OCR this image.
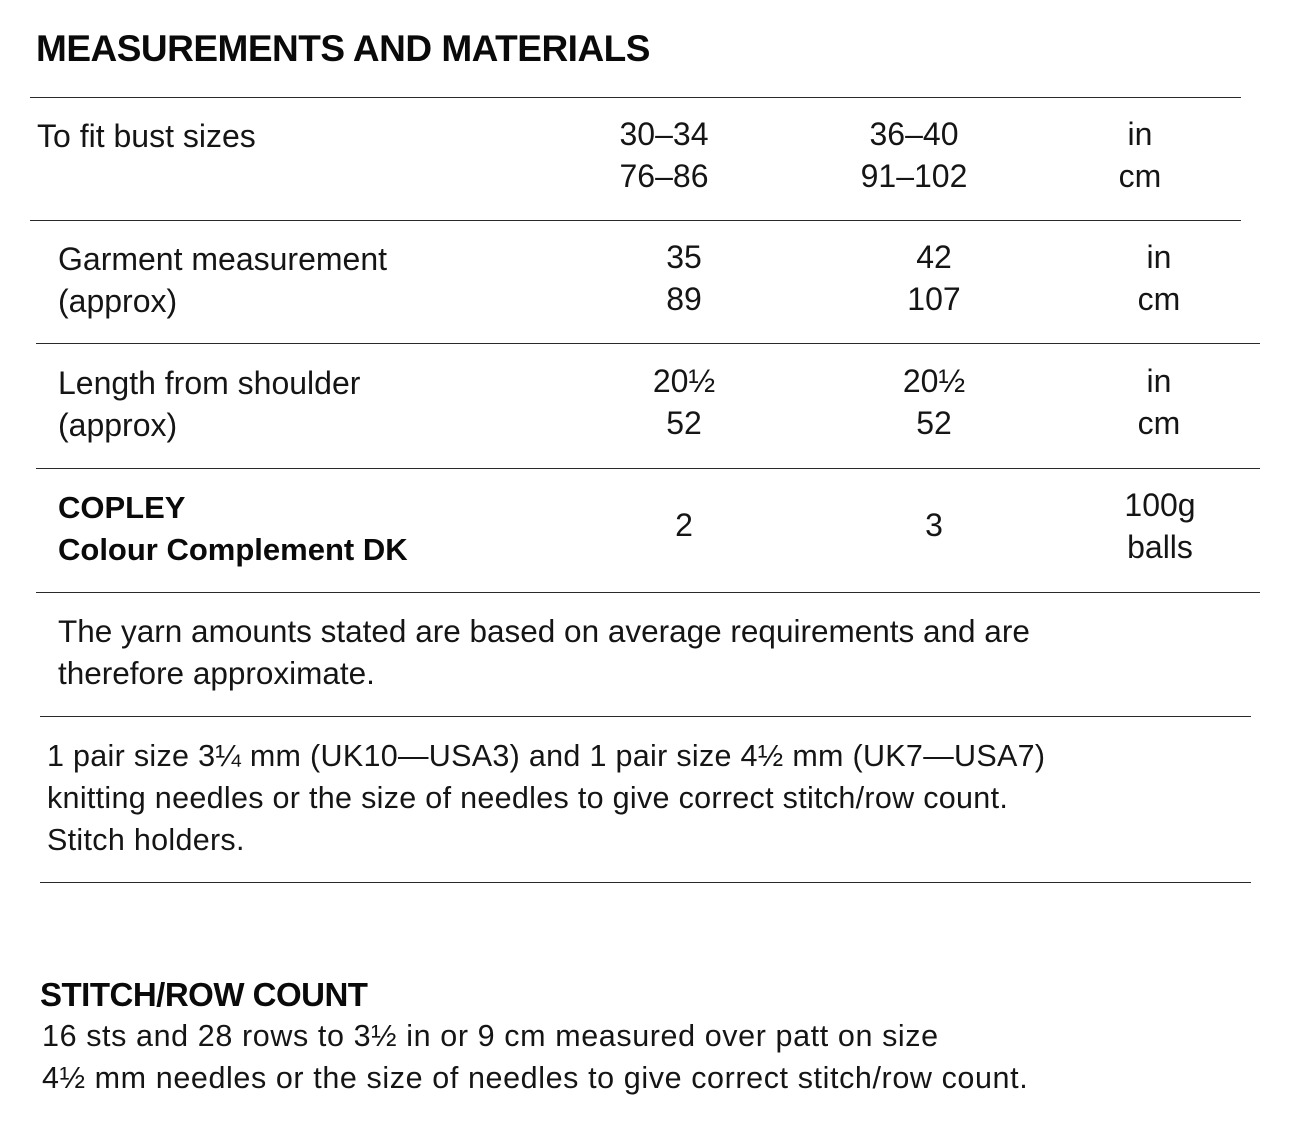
MEASUREMENTS AND MATERIALS
To fit bust sizes	30–34
76–86
36–40
91–102
in
cm
Garment measurement
(approx)
35
89
42
107
in
cm
Length from shoulder
(approx)
20½
52
20½
52
in
cm
COPLEY
Colour Complement DK
2	3
100g
balls
The yarn amounts stated are based on average requirements and are
therefore approximate.
1 pair size 3¼ mm (UK10—USA3) and 1 pair size 4½ mm (UK7—USA7)
knitting needles or the size of needles to give correct stitch/row count.
Stitch holders.
STITCH/ROW COUNT
16 sts and 28 rows to 3½ in or 9 cm measured over patt on size
4½ mm needles or the size of needles to give correct stitch/row count.
